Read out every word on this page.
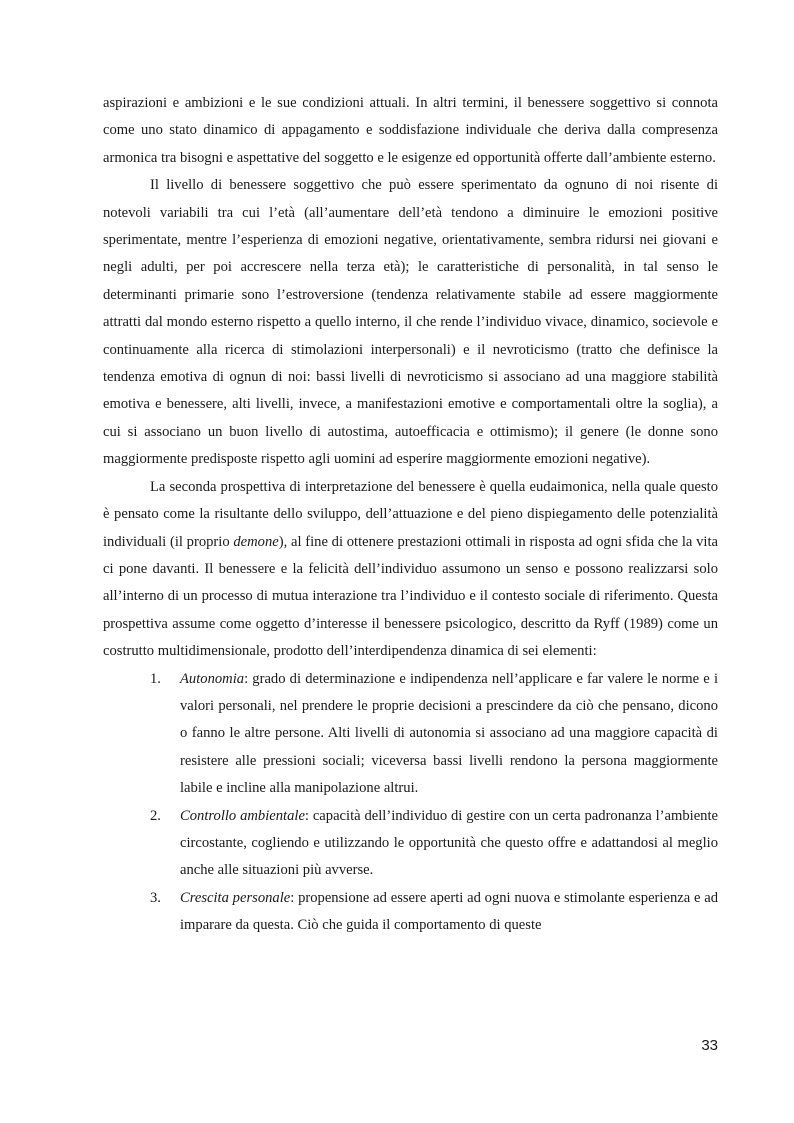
aspirazioni e ambizioni e le sue condizioni attuali. In altri termini, il benessere soggettivo si connota come uno stato dinamico di appagamento e soddisfazione individuale che deriva dalla compresenza armonica tra bisogni e aspettative del soggetto e le esigenze ed opportunità offerte dall’ambiente esterno.

Il livello di benessere soggettivo che può essere sperimentato da ognuno di noi risente di notevoli variabili tra cui l’età (all’aumentare dell’età tendono a diminuire le emozioni positive sperimentate, mentre l’esperienza di emozioni negative, orientativamente, sembra ridursi nei giovani e negli adulti, per poi accrescere nella terza età); le caratteristiche di personalità, in tal senso le determinanti primarie sono l’estroversione (tendenza relativamente stabile ad essere maggiormente attratti dal mondo esterno rispetto a quello interno, il che rende l’individuo vivace, dinamico, socievole e continuamente alla ricerca di stimolazioni interpersonali) e il nevroticismo (tratto che definisce la tendenza emotiva di ognun di noi: bassi livelli di nevroticismo si associano ad una maggiore stabilità emotiva e benessere, alti livelli, invece, a manifestazioni emotive e comportamentali oltre la soglia), a cui si associano un buon livello di autostima, autoefficacia e ottimismo); il genere (le donne sono maggiormente predisposte rispetto agli uomini ad esperire maggiormente emozioni negative).

La seconda prospettiva di interpretazione del benessere è quella eudaimonica, nella quale questo è pensato come la risultante dello sviluppo, dell’attuazione e del pieno dispiegamento delle potenzialità individuali (il proprio demone), al fine di ottenere prestazioni ottimali in risposta ad ogni sfida che la vita ci pone davanti. Il benessere e la felicità dell’individuo assumono un senso e possono realizzarsi solo all’interno di un processo di mutua interazione tra l’individuo e il contesto sociale di riferimento. Questa prospettiva assume come oggetto d’interesse il benessere psicologico, descritto da Ryff (1989) come un costrutto multidimensionale, prodotto dell’interdipendenza dinamica di sei elementi:

1. Autonomia: grado di determinazione e indipendenza nell’applicare e far valere le norme e i valori personali, nel prendere le proprie decisioni a prescindere da ciò che pensano, dicono o fanno le altre persone. Alti livelli di autonomia si associano ad una maggiore capacità di resistere alle pressioni sociali; viceversa bassi livelli rendono la persona maggiormente labile e incline alla manipolazione altrui.
2. Controllo ambientale: capacità dell’individuo di gestire con un certa padronanza l’ambiente circostante, cogliendo e utilizzando le opportunità che questo offre e adattandosi al meglio anche alle situazioni più avverse.
3. Crescita personale: propensione ad essere aperti ad ogni nuova e stimolante esperienza e ad imparare da questa. Ciò che guida il comportamento di queste
33
